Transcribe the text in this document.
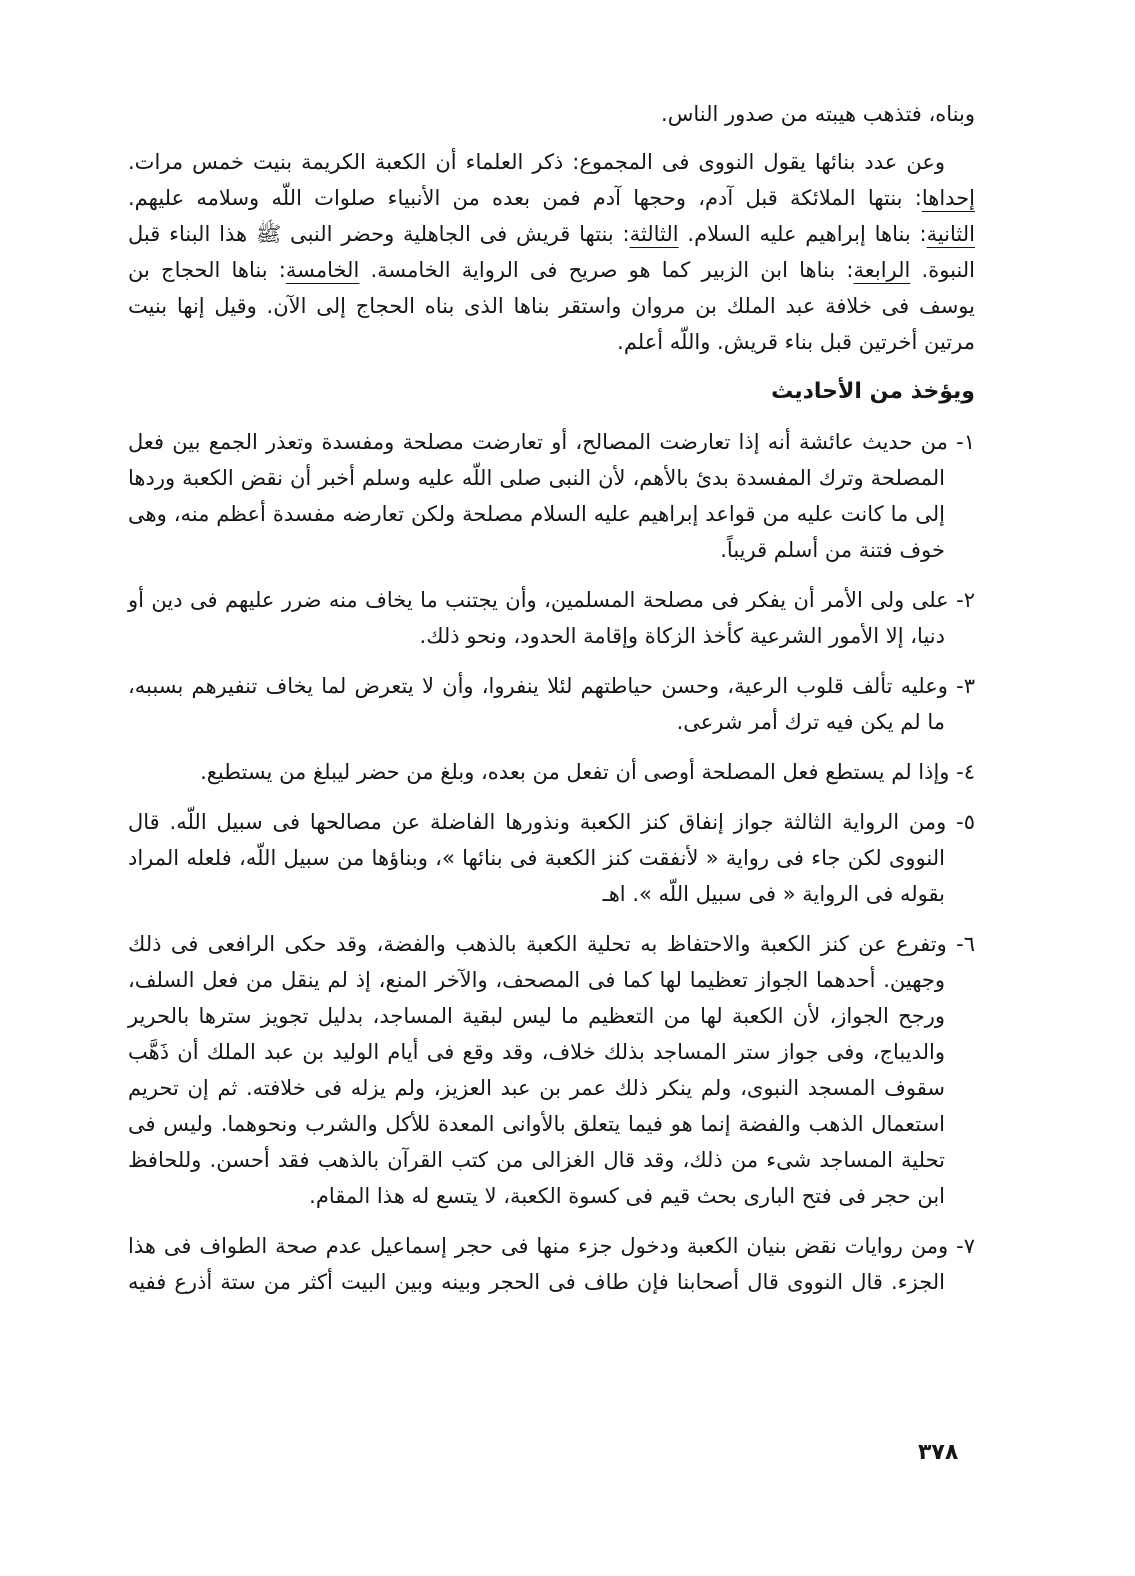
وبناه، فتذهب هيبته من صدور الناس.
وعن عدد بنائها يقول النووى فى المجموع: ذكر العلماء أن الكعبة الكريمة بنيت خمس مرات.
إحداها: بنتها الملائكة قبل آدم، وحجها آدم فمن بعده من الأنبياء صلوات اللّه وسلامه عليهم.
الثانية: بناها إبراهيم عليه السلام. الثالثة: بنتها قريش فى الجاهلية وحضر النبى ﷺ هذا البناء قبل
النبوة. الرابعة: بناها ابن الزبير كما هو صريح فى الرواية الخامسة. الخامسة: بناها الحجاج بن
يوسف فى خلافة عبد الملك بن مروان واستقر بناها الذى بناه الحجاج إلى الآن. وقيل إنها بنيت
مرتين أخرتين قبل بناء قريش. واللّه أعلم.
ويؤخذ من الأحاديث
١- من حديث عائشة أنه إذا تعارضت المصالح، أو تعارضت مصلحة ومفسدة وتعذر الجمع بين فعل
المصلحة وترك المفسدة بدئ بالأهم، لأن النبى صلى اللّه عليه وسلم أخبر أن نقض الكعبة وردها
إلى ما كانت عليه من قواعد إبراهيم عليه السلام مصلحة ولكن تعارضه مفسدة أعظم منه، وهى
خوف فتنة من أسلم قريباً.
٢- على ولى الأمر أن يفكر فى مصلحة المسلمين، وأن يجتنب ما يخاف منه ضرر عليهم فى دين أو
دنيا، إلا الأمور الشرعية كأخذ الزكاة وإقامة الحدود، ونحو ذلك.
٣- وعليه تألف قلوب الرعية، وحسن حياطتهم لئلا ينفروا، وأن لا يتعرض لما يخاف تنفيرهم بسببه،
ما لم يكن فيه ترك أمر شرعى.
٤- وإذا لم يستطع فعل المصلحة أوصى أن تفعل من بعده، وبلغ من حضر ليبلغ من يستطيع.
٥- ومن الرواية الثالثة جواز إنفاق كنز الكعبة ونذورها الفاضلة عن مصالحها فى سبيل اللّه. قال
النووى لكن جاء فى رواية « لأنفقت كنز الكعبة فى بنائها »، وبناؤها من سبيل اللّه، فلعله المراد
بقوله فى الرواية « فى سبيل اللّه ». اهـ
٦- وتفرع عن كنز الكعبة والاحتفاظ به تحلية الكعبة بالذهب والفضة، وقد حكى الرافعى فى ذلك
وجهين. أحدهما الجواز تعظيما لها كما فى المصحف، والآخر المنع، إذ لم ينقل من فعل السلف،
ورجح الجواز، لأن الكعبة لها من التعظيم ما ليس لبقية المساجد، بدليل تجويز سترها بالحرير
والديباج، وفى جواز ستر المساجد بذلك خلاف، وقد وقع فى أيام الوليد بن عبد الملك أن ذَهَّب
سقوف المسجد النبوى، ولم ينكر ذلك عمر بن عبد العزيز، ولم يزله فى خلافته. ثم إن تحريم
استعمال الذهب والفضة إنما هو فيما يتعلق بالأوانى المعدة للأكل والشرب ونحوهما. وليس فى
تحلية المساجد شىء من ذلك، وقد قال الغزالى من كتب القرآن بالذهب فقد أحسن. وللحافظ
ابن حجر فى فتح البارى بحث قيم فى كسوة الكعبة، لا يتسع له هذا المقام.
٧- ومن روايات نقض بنيان الكعبة ودخول جزء منها فى حجر إسماعيل عدم صحة الطواف فى هذا
الجزء. قال النووى قال أصحابنا فإن طاف فى الحجر وبينه وبين البيت أكثر من ستة أذرع ففيه
٣٧٨
